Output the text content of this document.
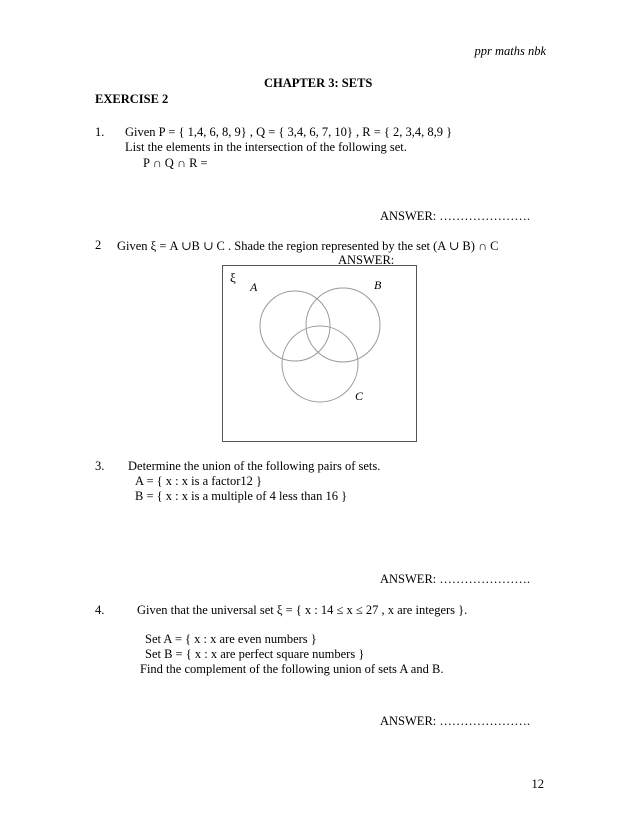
ppr maths nbk
CHAPTER 3: SETS
EXERCISE 2
1. Given P = { 1,4, 6, 8, 9} , Q = { 3,4, 6, 7, 10} , R = { 2, 3,4, 8,9 }
List the elements in the intersection of the following set.
P ∩ Q ∩ R =
ANSWER: ………………….
2 Given ξ = A ∪B ∪ C . Shade the region represented by the set (A ∪ B) ∩ C
ANSWER:
ξ
A	B
C
3. Determine the union of the following pairs of sets.
A = { x : x is a factor12 }
B = { x : x is a multiple of 4 less than 16 }
ANSWER: ………………….
4.	Given that the universal set ξ = { x : 14 ≤ x ≤ 27 , x are integers }.
Set A = { x : x are even numbers }
Set B = { x : x are perfect square numbers }
Find the complement of the following union of sets A and B.
ANSWER: ………………….
12
